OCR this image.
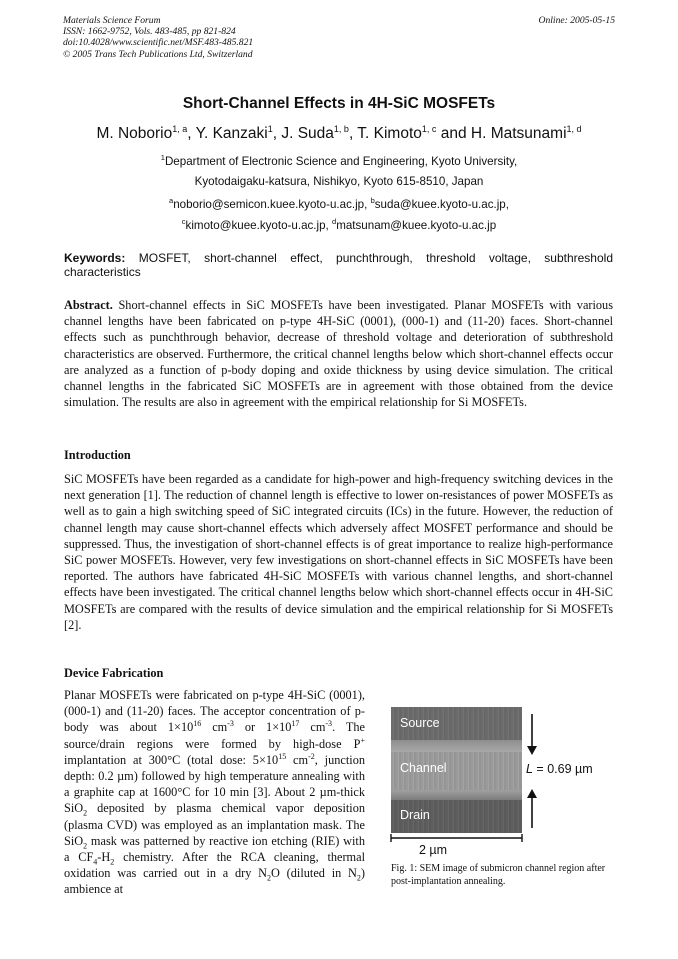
Materials Science Forum
ISSN: 1662-9752, Vols. 483-485, pp 821-824
doi:10.4028/www.scientific.net/MSF.483-485.821
© 2005 Trans Tech Publications Ltd, Switzerland
Online: 2005-05-15
Short-Channel Effects in 4H-SiC MOSFETs
M. Noborio$^{1, a}$, Y. Kanzaki$^1$, J. Suda$^{1, b}$, T. Kimoto$^{1, c}$ and H. Matsunami$^{1, d}$
$^1$Department of Electronic Science and Engineering, Kyoto University,
Kyotodaigaku-katsura, Nishikyo, Kyoto 615-8510, Japan
$^a$noborio@semicon.kuee.kyoto-u.ac.jp, $^b$suda@kuee.kyoto-u.ac.jp,
$^c$kimoto@kuee.kyoto-u.ac.jp, $^d$matsunam@kuee.kyoto-u.ac.jp
Keywords: MOSFET, short-channel effect, punchthrough, threshold voltage, subthreshold characteristics
Abstract. Short-channel effects in SiC MOSFETs have been investigated. Planar MOSFETs with various channel lengths have been fabricated on p-type 4H-SiC (0001), (000-1) and (11-20) faces. Short-channel effects such as punchthrough behavior, decrease of threshold voltage and deterioration of subthreshold characteristics are observed. Furthermore, the critical channel lengths below which short-channel effects occur are analyzed as a function of p-body doping and oxide thickness by using device simulation. The critical channel lengths in the fabricated SiC MOSFETs are in agreement with those obtained from the device simulation. The results are also in agreement with the empirical relationship for Si MOSFETs.
Introduction
SiC MOSFETs have been regarded as a candidate for high-power and high-frequency switching devices in the next generation [1]. The reduction of channel length is effective to lower on-resistances of power MOSFETs as well as to gain a high switching speed of SiC integrated circuits (ICs) in the future. However, the reduction of channel length may cause short-channel effects which adversely affect MOSFET performance and should be suppressed. Thus, the investigation of short-channel effects is of great importance to realize high-performance SiC power MOSFETs. However, very few investigations on short-channel effects in SiC MOSFETs have been reported. The authors have fabricated 4H-SiC MOSFETs with various channel lengths, and short-channel effects have been investigated. The critical channel lengths below which short-channel effects occur in 4H-SiC MOSFETs are compared with the results of device simulation and the empirical relationship for Si MOSFETs [2].
Device Fabrication
Planar MOSFETs were fabricated on p-type 4H-SiC (0001), (000-1) and (11-20) faces. The acceptor concentration of p-body was about $1\times 10^{16}$ $cm^{-3}$ or $1\times 10^{17}$ $cm^{-3}$. The source/drain regions were formed by high-dose P+ implantation at 300°C (total dose: $5\times 10^{15}$ $cm^{-2}$, junction depth: 0.2 µm) followed by high temperature annealing with a graphite cap at 1600°C for 10 min [3]. About 2 µm-thick SiO$_2$ deposited by plasma chemical vapor deposition (plasma CVD) was employed as an implantation mask. The SiO$_2$ mask was patterned by reactive ion etching (RIE) with a $CF_4-H_2$ chemistry. After the RCA cleaning, thermal oxidation was carried out in a dry $N_2O$ (diluted in $N_2$) ambience at
Source
Channel
Drain
L = 0.69 µm
2 µm
Fig. 1: SEM image of submicron channel region after post-implantation annealing.
